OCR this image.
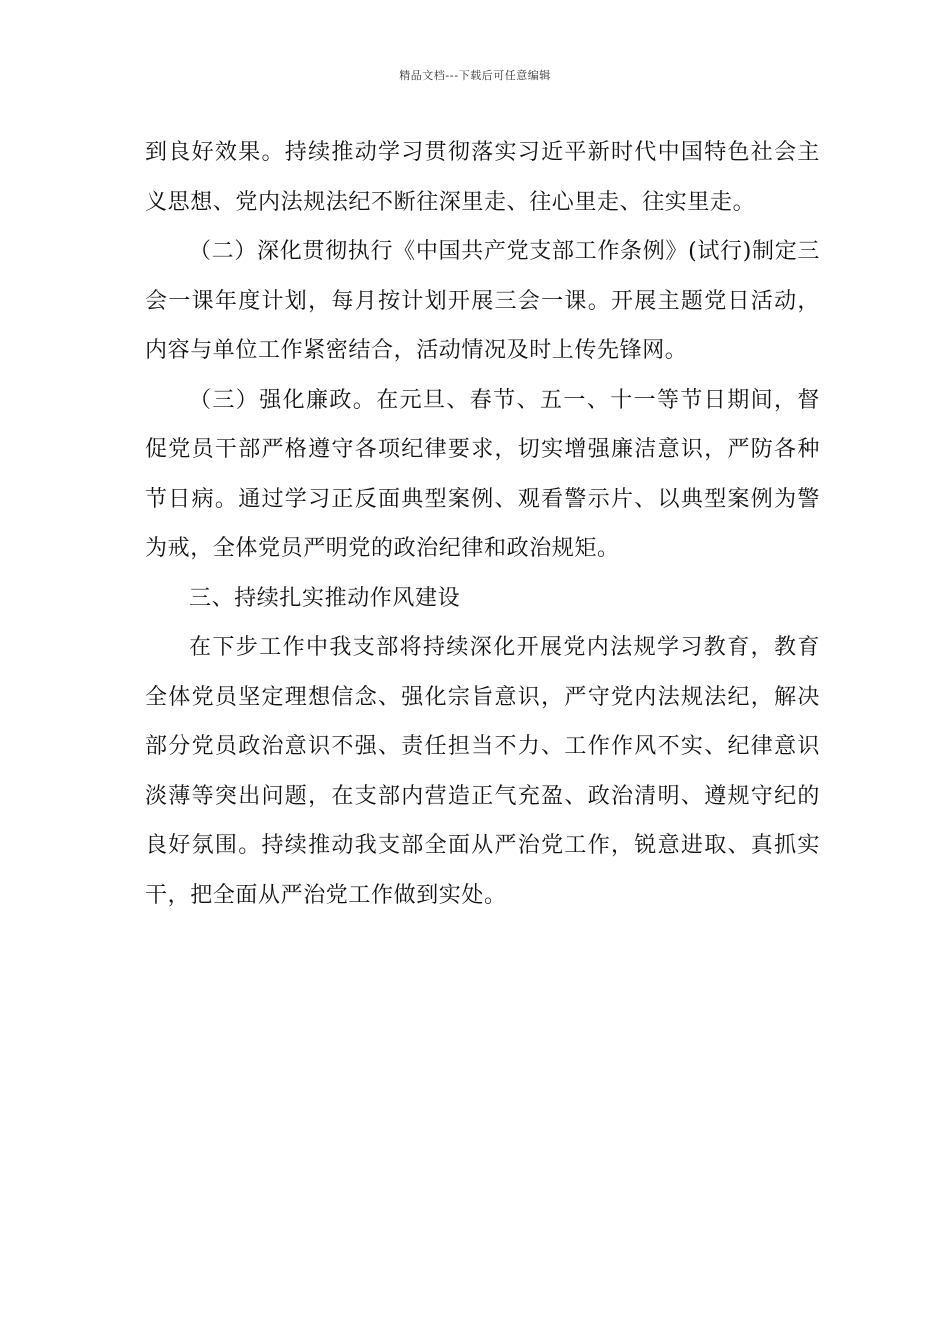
精品文档---下载后可任意编辑

到良好效果。持续推动学习贯彻落实习近平新时代中国特色社会主义思想、党内法规法纪不断往深里走、往心里走、往实里走。

（二）深化贯彻执行《中国共产党支部工作条例》(试行)制定三会一课年度计划，每月按计划开展三会一课。开展主题党日活动，内容与单位工作紧密结合，活动情况及时上传先锋网。

（三）强化廉政。在元旦、春节、五一、十一等节日期间，督促党员干部严格遵守各项纪律要求，切实增强廉洁意识，严防各种节日病。通过学习正反面典型案例、观看警示片、以典型案例为警为戒，全体党员严明党的政治纪律和政治规矩。

三、持续扎实推动作风建设

在下步工作中我支部将持续深化开展党内法规学习教育，教育全体党员坚定理想信念、强化宗旨意识，严守党内法规法纪，解决部分党员政治意识不强、责任担当不力、工作作风不实、纪律意识淡薄等突出问题，在支部内营造正气充盈、政治清明、遵规守纪的良好氛围。持续推动我支部全面从严治党工作，锐意进取、真抓实干，把全面从严治党工作做到实处。
